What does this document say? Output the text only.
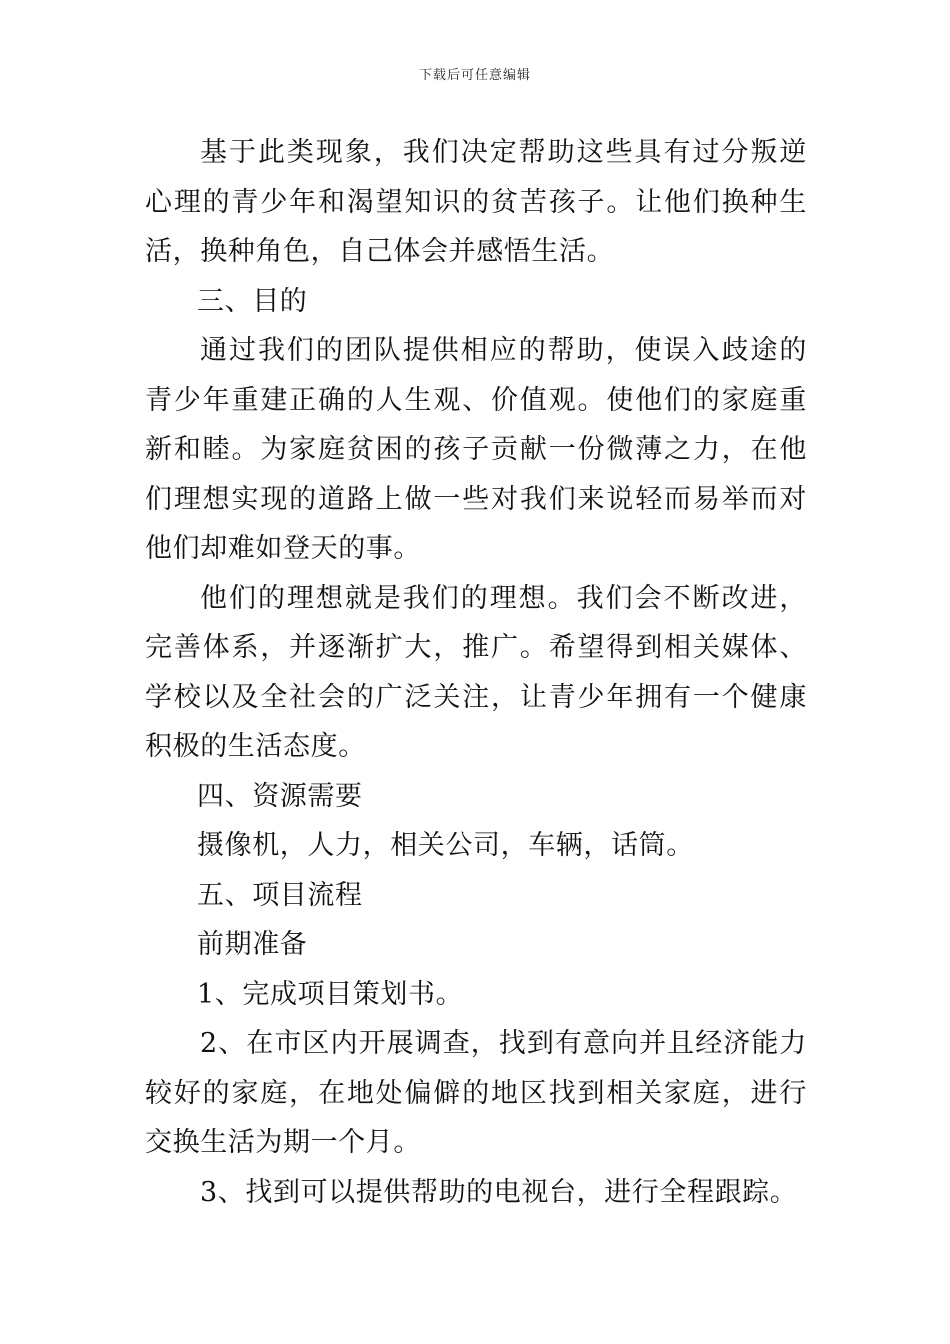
下载后可任意编辑

基于此类现象，我们决定帮助这些具有过分叛逆心理的青少年和渴望知识的贫苦孩子。让他们换种生活，换种角色，自己体会并感悟生活。

三、目的

通过我们的团队提供相应的帮助，使误入歧途的青少年重建正确的人生观、价值观。使他们的家庭重新和睦。为家庭贫困的孩子贡献一份微薄之力，在他们理想实现的道路上做一些对我们来说轻而易举而对他们却难如登天的事。

他们的理想就是我们的理想。我们会不断改进，完善体系，并逐渐扩大，推广。希望得到相关媒体、学校以及全社会的广泛关注，让青少年拥有一个健康积极的生活态度。

四、资源需要

摄像机，人力，相关公司，车辆，话筒。

五、项目流程

前期准备

1、完成项目策划书。

2、在市区内开展调查，找到有意向并且经济能力较好的家庭，在地处偏僻的地区找到相关家庭，进行交换生活为期一个月。

3、找到可以提供帮助的电视台，进行全程跟踪。
